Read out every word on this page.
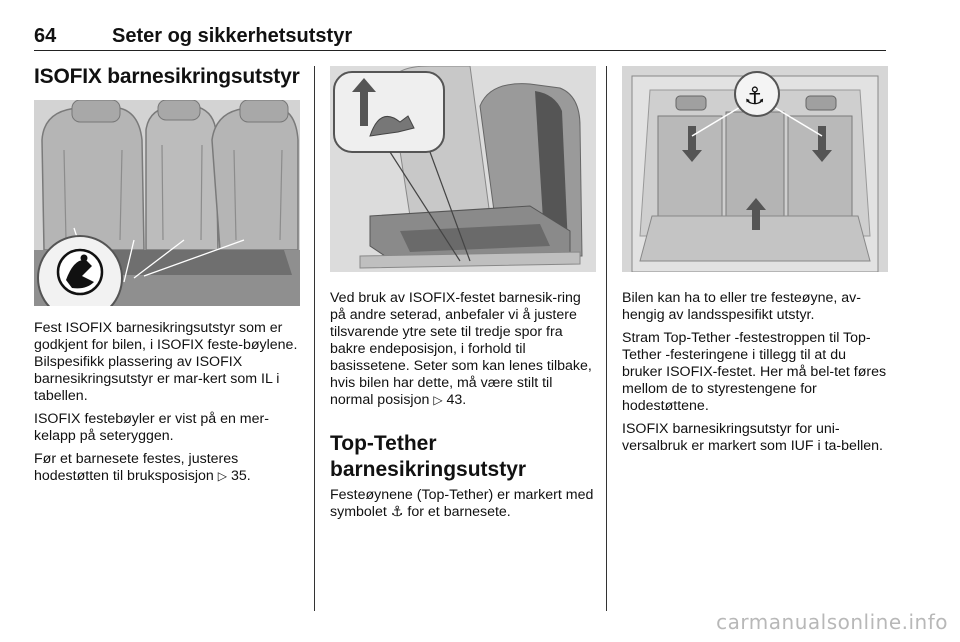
64	Seter og sikkerhetsutstyr
ISOFIX barnesikringsutstyr

Fest ISOFIX barnesikringsutstyr som er godkjent for bilen, i ISOFIX feste-bøylene. Bilspesifikk plassering av ISOFIX barnesikringsutstyr er mar-kert som IL i tabellen.

ISOFIX festebøyler er vist på en mer-kelapp på seteryggen.

Før et barnesete festes, justeres hodestøtten til bruksposisjon ▷ 35.

Ved bruk av ISOFIX-festet barnesik-ring på andre seterad, anbefaler vi å justere tilsvarende ytre sete til tredje spor fra bakre endeposisjon, i forhold til basissetene. Seter som kan lenes tilbake, hvis bilen har dette, må være stilt til normal posisjon ▷ 43.

Top-Tether barnesikringsutstyr

Festeøynene (Top-Tether) er markert med symbolet ⚓ for et barnesete.

⚓

Bilen kan ha to eller tre festeøyne, av-hengig av landsspesifikt utstyr.

Stram Top-Tether -festestroppen til Top-Tether -festeringene i tillegg til at du bruker ISOFIX-festet. Her må bel-tet føres mellom de to styrestengene for hodestøttene.

ISOFIX barnesikringsutstyr for uni-versalbruk er markert som IUF i ta-bellen.

carmanualsonline.info
